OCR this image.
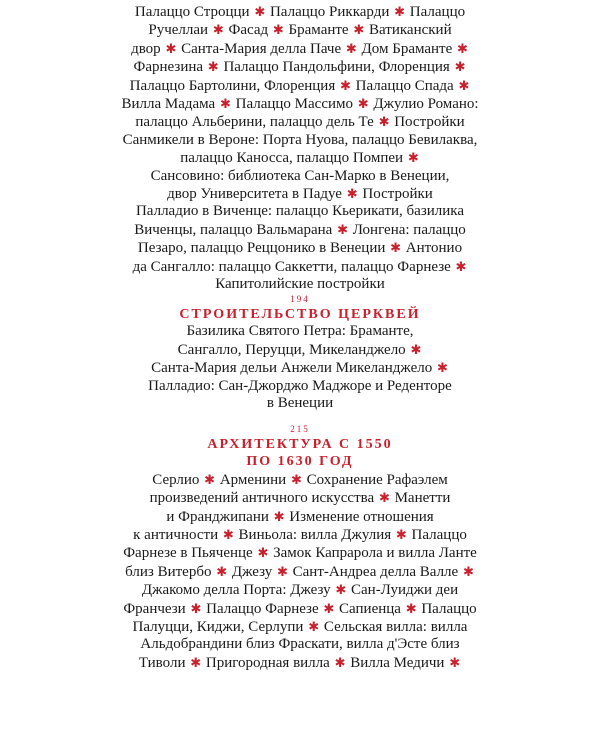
Палаццо Строцци ✱ Палаццо Риккарди ✱ Палаццо
Ручеллаи ✱ Фасад ✱ Браманте ✱ Ватиканский
двор ✱ Санта-Мария делла Паче ✱ Дом Браманте ✱
Фарнезина ✱ Палаццо Пандольфини, Флоренция ✱
Палаццо Бартолини, Флоренция ✱ Палаццо Спада ✱
Вилла Мадама ✱ Палаццо Массимо ✱ Джулио Романо:
палаццо Альберини, палаццо дель Те ✱ Постройки
Санмикели в Вероне: Порта Нуова, палаццо Бевилаква,
палаццо Каносса, палаццо Помпеи ✱
Сансовино: библиотека Сан-Марко в Венеции,
двор Университета в Падуе ✱ Постройки
Палладио в Виченце: палаццо Кьерикати, базилика
Виченцы, палаццо Вальмарана ✱ Лонгена: палаццо
Пезаро, палаццо Реццонико в Венеции ✱ Антонио
да Сангалло: палаццо Саккетти, палаццо Фарнезе ✱
Капитолийские постройки
194
СТРОИТЕЛЬСТВО ЦЕРКВЕЙ
Базилика Святого Петра: Браманте,
Сангалло, Перуцци, Микеланджело ✱
Санта-Мария дельи Анжели Микеланджело ✱
Палладио: Сан-Джорджо Маджоре и Реденторе
в Венеции
215
АРХИТЕКТУРА С 1550
ПО 1630 ГОД
Серлио ✱ Арменини ✱ Сохранение Рафаэлем
произведений античного искусства ✱ Манетти
и Франджипани ✱ Изменение отношения
к античности ✱ Виньола: вилла Джулия ✱ Палаццо
Фарнезе в Пьяченце ✱ Замок Капрарола и вилла Ланте
близ Витербо ✱ Джезу ✱ Сант-Андреа делла Валле ✱
Джакомо делла Порта: Джезу ✱ Сан-Луиджи деи
Франчези ✱ Палаццо Фарнезе ✱ Сапиенца ✱ Палаццо
Палуцци, Киджи, Серлупи ✱ Сельская вилла: вилла
Альдобрандини близ Фраскати, вилла д'Эсте близ
Тиволи ✱ Пригородная вилла ✱ Вилла Медичи ✱
